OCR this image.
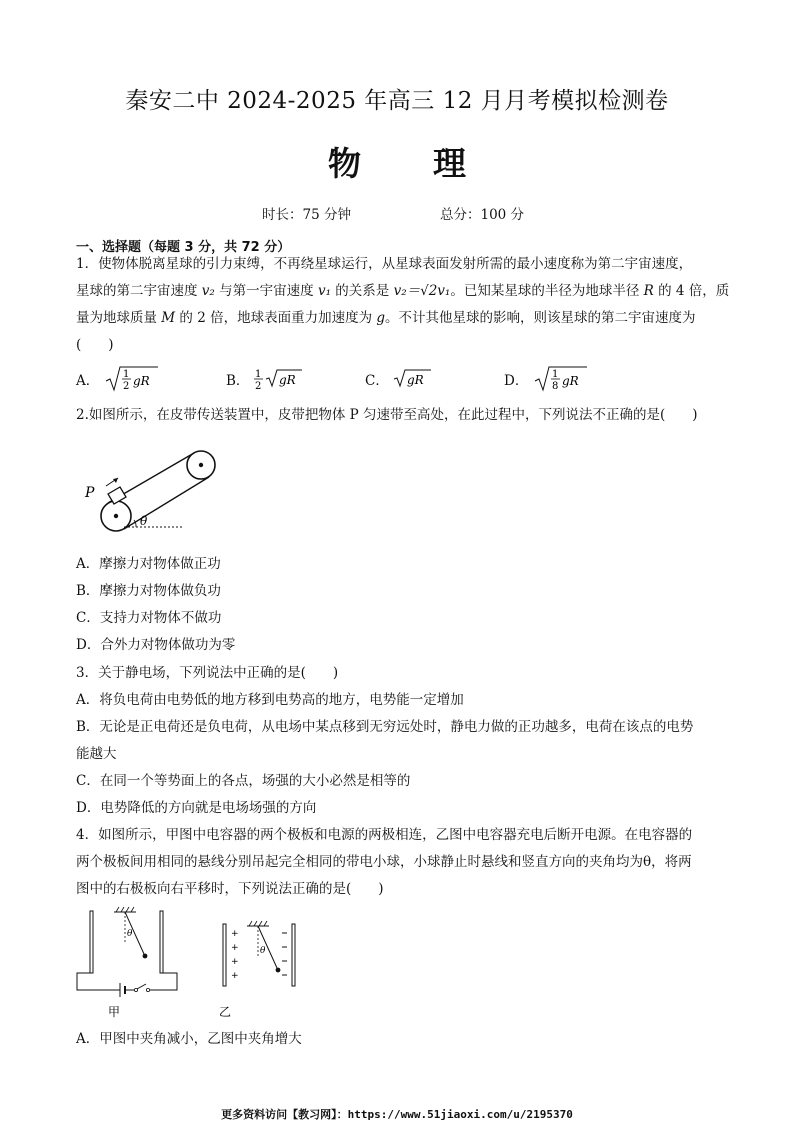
秦安二中 2024-2025 年高三 12 月月考模拟检测卷
物 理
时长：75 分钟	总分：100 分
一、选择题（每题 3 分，共 72 分）
1．使物体脱离星球的引力束缚，不再绕星球运行，从星球表面发射所需的最小速度称为第二宇宙速度，
星球的第二宇宙速度 v₂ 与第一宇宙速度 v₁ 的关系是 v₂＝√2v₁。已知某星球的半径为地球半径 R 的 4 倍，质
量为地球质量 M 的 2 倍，地球表面重力加速度为 g。不计其他星球的影响，则该星球的第二宇宙速度为
(　　)
A． 1
2 gR	B． 1
2 gR	C． gR	D． 1
8 gR
2.如图所示，在皮带传送装置中，皮带把物体 P 匀速带至高处，在此过程中，下列说法不正确的是(　　)
P
θ
A．摩擦力对物体做正功
B．摩擦力对物体做负功
C．支持力对物体不做功
D．合外力对物体做功为零
3．关于静电场，下列说法中正确的是(　　)
A．将负电荷由电势低的地方移到电势高的地方，电势能一定增加
B．无论是正电荷还是负电荷，从电场中某点移到无穷远处时，静电力做的正功越多，电荷在该点的电势
能越大
C．在同一个等势面上的各点，场强的大小必然是相等的
D．电势降低的方向就是电场场强的方向
4．如图所示，甲图中电容器的两个极板和电源的两极相连，乙图中电容器充电后断开电源。在电容器的
两个极板间用相同的悬线分别吊起完全相同的带电小球，小球静止时悬线和竖直方向的夹角均为θ，将两
图中的右极板向右平移时，下列说法正确的是(　　)
θ
甲
+
+
+
+
θ
乙
A．甲图中夹角减小，乙图中夹角增大
更多资料访问【教习网】：https://www.51jiaoxi.com/u/2195370
